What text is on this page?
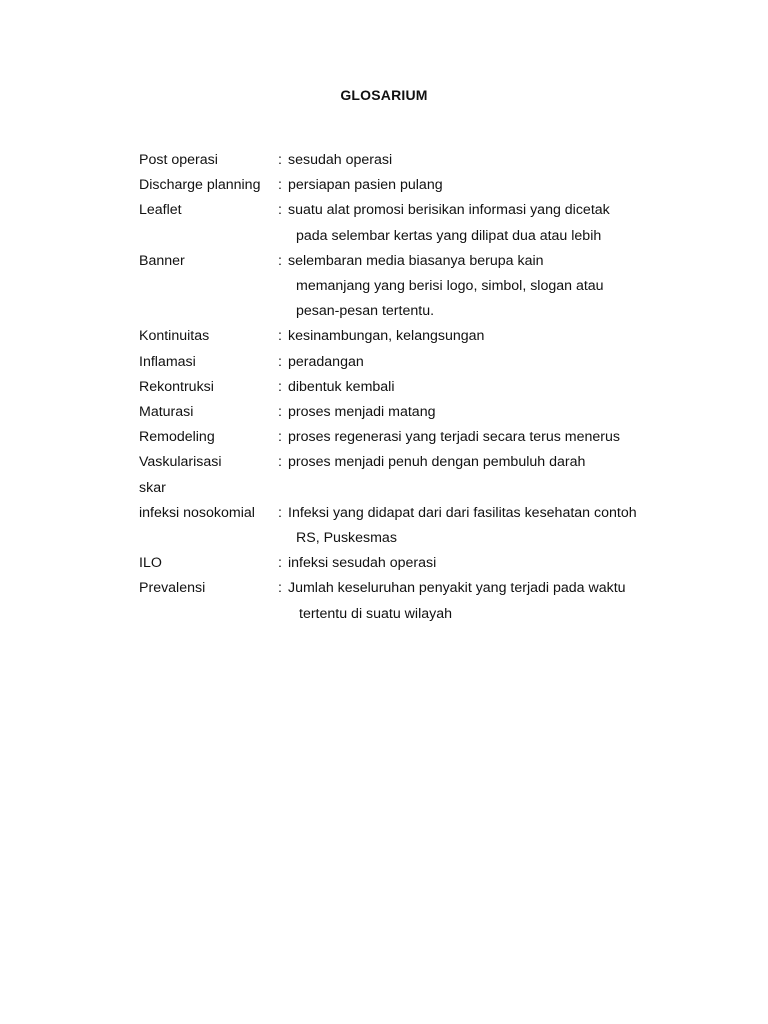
GLOSARIUM
Post operasi	: sesudah operasi
Discharge planning	: persiapan pasien pulang
Leaflet	: suatu alat promosi berisikan informasi yang dicetak
pada selembar kertas yang dilipat dua atau lebih
Banner	: selembaran media biasanya berupa kain
memanjang yang berisi logo, simbol, slogan atau
pesan-pesan tertentu.
Kontinuitas	: kesinambungan, kelangsungan
Inflamasi	: peradangan
Rekontruksi	: dibentuk kembali
Maturasi	: proses menjadi matang
Remodeling	: proses regenerasi yang terjadi secara terus menerus
Vaskularisasi	: proses menjadi penuh dengan pembuluh darah
skar

infeksi nosokomial	: Infeksi yang didapat dari dari fasilitas kesehatan contoh
RS, Puskesmas
ILO	: infeksi sesudah operasi
Prevalensi	: Jumlah keseluruhan penyakit yang terjadi pada waktu
tertentu di suatu wilayah
